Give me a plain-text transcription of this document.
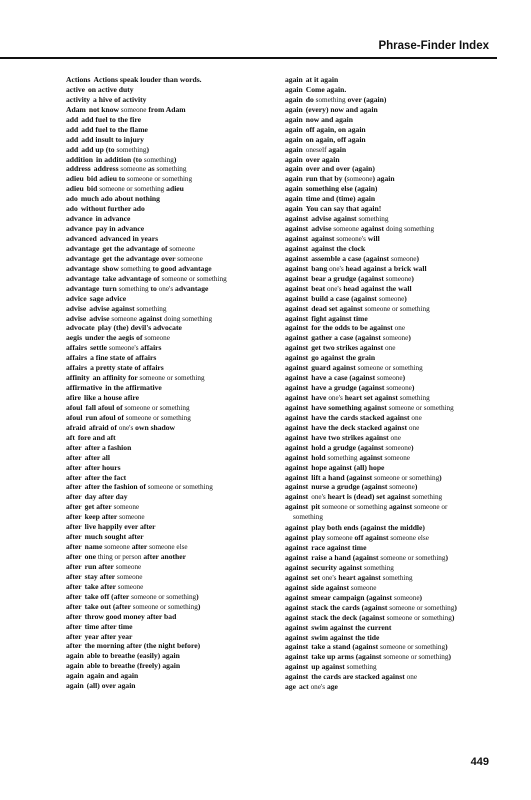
Phrase-Finder Index
Actions Actions speak louder than words.
active on active duty
activity a hive of activity
Adam not know someone from Adam
add add fuel to the fire
add add fuel to the flame
add add insult to injury
add add up (to something)
addition in addition (to something)
address address someone as something
adieu bid adieu to someone or something
adieu bid someone or something adieu
ado much ado about nothing
ado without further ado
advance in advance
advance pay in advance
advanced advanced in years
advantage get the advantage of someone
advantage get the advantage over someone
advantage show something to good advantage
advantage take advantage of someone or something
advantage turn something to one's advantage
advice sage advice
advise advise against something
advise advise someone against doing something
advocate play (the) devil's advocate
aegis under the aegis of someone
affairs settle someone's affairs
affairs a fine state of affairs
affairs a pretty state of affairs
affinity an affinity for someone or something
affirmative in the affirmative
afire like a house afire
afoul fall afoul of someone or something
afoul run afoul of someone or something
afraid afraid of one's own shadow
aft fore and aft
after after a fashion
after after all
after after hours
after after the fact
after after the fashion of someone or something
after day after day
after get after someone
after keep after someone
after live happily ever after
after much sought after
after name someone after someone else
after one thing or person after another
after run after someone
after stay after someone
after take after someone
after take off (after someone or something)
after take out (after someone or something)
after throw good money after bad
after time after time
after year after year
after the morning after (the night before)
again able to breathe (easily) again
again able to breathe (freely) again
again again and again
again (all) over again
again at it again
again Come again.
again do something over (again)
again (every) now and again
again now and again
again off again, on again
again on again, off again
again oneself again
again over again
again over and over (again)
again run that by (someone) again
again something else (again)
again time and (time) again
again You can say that again!
against advise against something
against advise someone against doing something
against against someone's will
against against the clock
against assemble a case (against someone)
against bang one's head against a brick wall
against bear a grudge (against someone)
against beat one's head against the wall
against build a case (against someone)
against dead set against someone or something
against fight against time
against for the odds to be against one
against gather a case (against someone)
against get two strikes against one
against go against the grain
against guard against someone or something
against have a case (against someone)
against have a grudge (against someone)
against have one's heart set against something
against have something against someone or something
against have the cards stacked against one
against have the deck stacked against one
against have two strikes against one
against hold a grudge (against someone)
against hold something against someone
against hope against (all) hope
against lift a hand (against someone or something)
against nurse a grudge (against someone)
against one's heart is (dead) set against something
against pit someone or something against someone or
something
against play both ends (against the middle)
against play someone off against someone else
against race against time
against raise a hand (against someone or something)
against security against something
against set one's heart against something
against side against someone
against smear campaign (against someone)
against stack the cards (against someone or something)
against stack the deck (against someone or something)
against swim against the current
against swim against the tide
against take a stand (against someone or something)
against take up arms (against someone or something)
against up against something
against the cards are stacked against one
age act one's age
449
